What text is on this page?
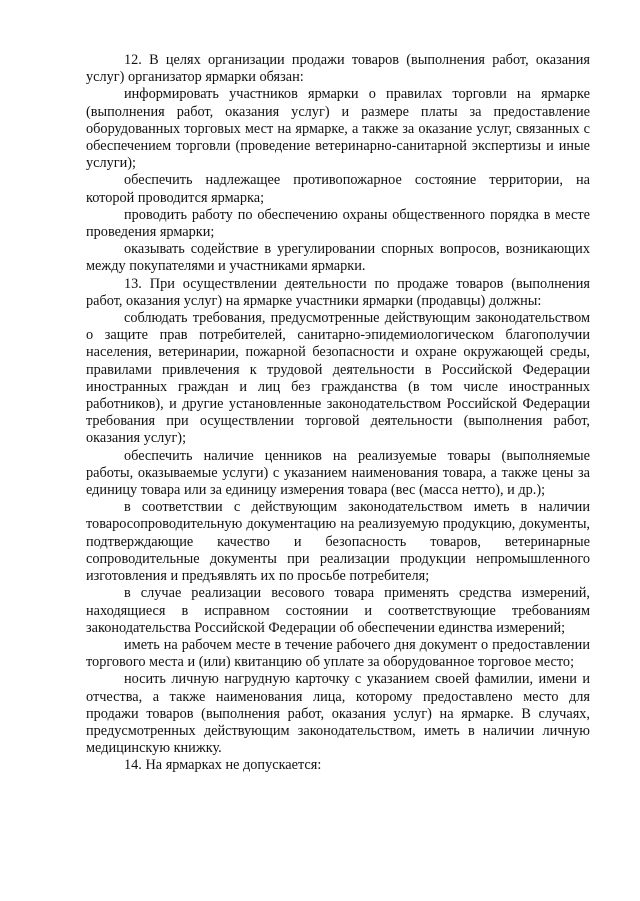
12. В целях организации продажи товаров (выполнения работ, оказания услуг) организатор ярмарки обязан:

информировать участников ярмарки о правилах торговли на ярмарке (выполнения работ, оказания услуг) и размере платы за предоставление оборудованных торговых мест на ярмарке, а также за оказание услуг, связанных с обеспечением торговли (проведение ветеринарно-санитарной экспертизы и иные услуги);

обеспечить надлежащее противопожарное состояние территории, на которой проводится ярмарка;

проводить работу по обеспечению охраны общественного порядка в месте проведения ярмарки;

оказывать содействие в урегулировании спорных вопросов, возникающих между покупателями и участниками ярмарки.

13. При осуществлении деятельности по продаже товаров (выполнения работ, оказания услуг) на ярмарке участники ярмарки (продавцы) должны:

соблюдать требования, предусмотренные действующим законодательством о защите прав потребителей, санитарно-эпидемиологическом благополучии населения, ветеринарии, пожарной безопасности и охране окружающей среды, правилами привлечения к трудовой деятельности в Российской Федерации иностранных граждан и лиц без гражданства (в том числе иностранных работников), и другие установленные законодательством Российской Федерации требования при осуществлении торговой деятельности (выполнения работ, оказания услуг);

обеспечить наличие ценников на реализуемые товары (выполняемые работы, оказываемые услуги) с указанием наименования товара, а также цены за единицу товара или за единицу измерения товара (вес (масса нетто), и др.);

в соответствии с действующим законодательством иметь в наличии товаросопроводительную документацию на реализуемую продукцию, документы, подтверждающие качество и безопасность товаров, ветеринарные сопроводительные документы при реализации продукции непромышленного изготовления и предъявлять их по просьбе потребителя;

в случае реализации весового товара применять средства измерений, находящиеся в исправном состоянии и соответствующие требованиям законодательства Российской Федерации об обеспечении единства измерений;

иметь на рабочем месте в течение рабочего дня документ о предоставлении торгового места и (или) квитанцию об уплате за оборудованное торговое место;

носить личную нагрудную карточку с указанием своей фамилии, имени и отчества, а также наименования лица, которому предоставлено место для продажи товаров (выполнения работ, оказания услуг) на ярмарке. В случаях, предусмотренных действующим законодательством, иметь в наличии личную медицинскую книжку.

14. На ярмарках не допускается:
